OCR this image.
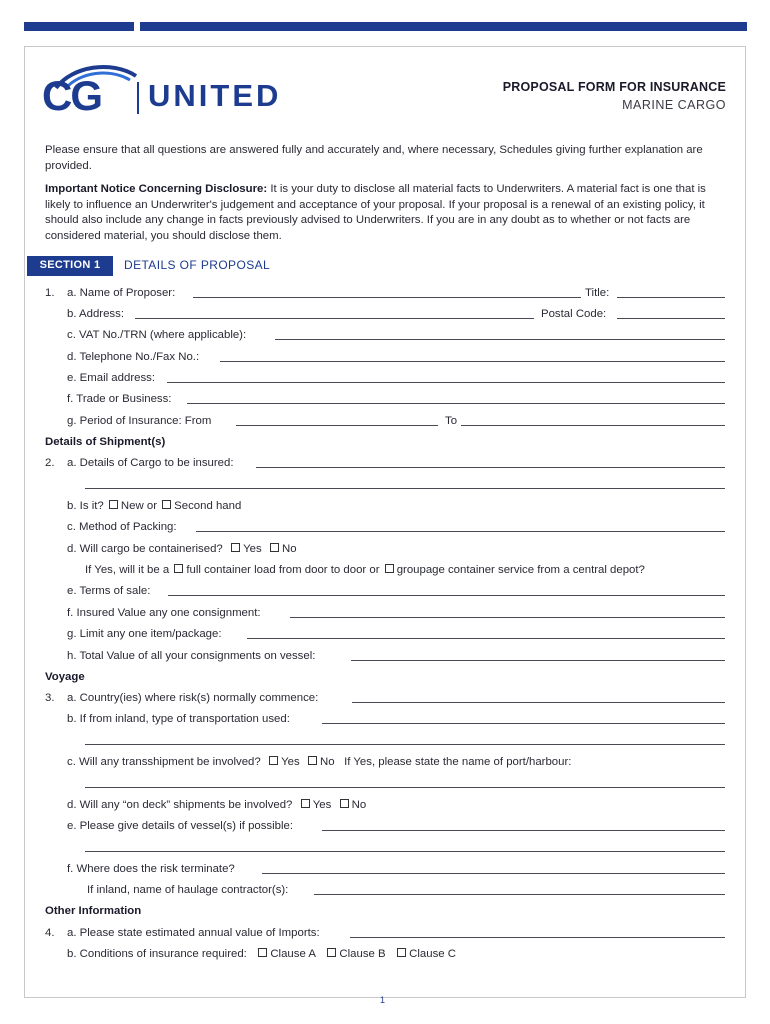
CG UNITED	PROPOSAL FORM FOR INSURANCE
MARINE CARGO
Please ensure that all questions are answered fully and accurately and, where necessary, Schedules giving further explanation are provided.
Important Notice Concerning Disclosure: It is your duty to disclose all material facts to Underwriters. A material fact is one that is likely to influence an Underwriter's judgement and acceptance of your proposal. If your proposal is a renewal of an existing policy, it should also include any change in facts previously advised to Underwriters. If you are in any doubt as to whether or not facts are considered material, you should disclose them.
SECTION 1	DETAILS OF PROPOSAL
1. a. Name of Proposer:	Title:
b. Address:	Postal Code:
c. VAT No./TRN (where applicable):
d. Telephone No./Fax No.:
e. Email address:
f. Trade or Business:
g. Period of Insurance: From	To
Details of Shipment(s)
2. a. Details of Cargo to be insured:
b. Is it? New or Second hand
c. Method of Packing:
d. Will cargo be containerised? Yes No
If Yes, will it be a full container load from door to door or groupage container service from a central depot?
e. Terms of sale:
f. Insured Value any one consignment:
g. Limit any one item/package:
h. Total Value of all your consignments on vessel:
Voyage
3. a. Country(ies) where risk(s) normally commence:
b. If from inland, type of transportation used:
c. Will any transshipment be involved? Yes No If Yes, please state the name of port/harbour:
d. Will any “on deck” shipments be involved? Yes No
e. Please give details of vessel(s) if possible:
f. Where does the risk terminate?
If inland, name of haulage contractor(s):
Other Information
4. a. Please state estimated annual value of Imports:
b. Conditions of insurance required: Clause A Clause B Clause C
1
